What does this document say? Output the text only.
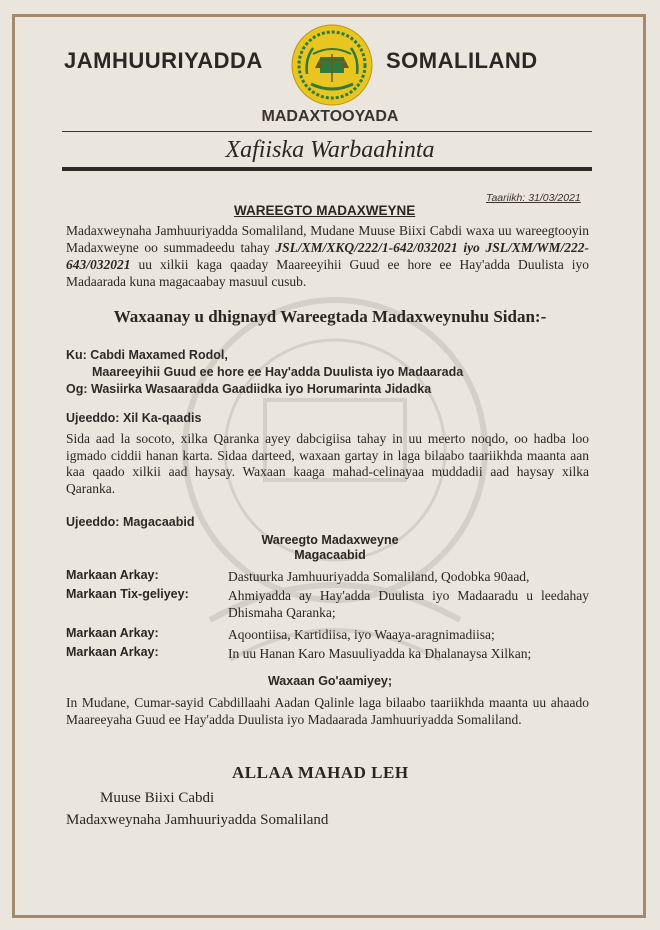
JAMHUURIYADDA	SOMALILAND
MADAXTOOYADA
Xafiiska Warbaahinta
Taariikh: 31/03/2021
WAREEGTO MADAXWEYNE
Madaxweynaha Jamhuuriyadda Somaliland, Mudane Muuse Biixi Cabdi waxa uu wareegtooyin Madaxweyne oo summadeedu tahay JSL/XM/XKQ/222/1-642/032021 iyo JSL/XM/WM/222-643/032021 uu xilkii kaga qaaday Maareeyihii Guud ee hore ee Hay'adda Duulista iyo Madaarada kuna magacaabay masuul cusub.
Waxaanay u dhignayd Wareegtada Madaxweynuhu Sidan:-
Ku: Cabdi Maxamed Rodol,
Maareeyihii Guud ee hore ee Hay'adda Duulista iyo Madaarada
Og: Wasiirka Wasaaradda Gaadiidka iyo Horumarinta Jidadka
Ujeeddo: Xil Ka-qaadis
Sida aad la socoto, xilka Qaranka ayey dabcigiisa tahay in uu meerto noqdo, oo hadba loo igmado ciddii hanan karta. Sidaa darteed, waxaan gartay in laga bilaabo taariikhda maanta aan kaa qaado xilkii aad haysay. Waxaan kaaga mahad-celinayaa muddadii aad haysay xilka Qaranka.
Ujeeddo: Magacaabid
Wareegto Madaxweyne
Magacaabid
Markaan Arkay:	Dastuurka Jamhuuriyadda Somaliland, Qodobka 90aad,
Markaan Tix-geliyey:	Ahmiyadda ay Hay'adda Duulista iyo Madaaradu u leedahay Dhismaha Qaranka;
Markaan Arkay:	Aqoontiisa, Kartidiisa, iyo Waaya-aragnimadiisa;
Markaan Arkay:	In uu Hanan Karo Masuuliyadda ka Dhalanaysa Xilkan;
Waxaan Go'aamiyey;
In Mudane, Cumar-sayid Cabdillaahi Aadan Qalinle laga bilaabo taariikhda maanta uu ahaado Maareeyaha Guud ee Hay'adda Duulista iyo Madaarada Jamhuuriyadda Somaliland.
ALLAA MAHAD LEH
Muuse Biixi Cabdi
Madaxweynaha Jamhuuriyadda Somaliland
